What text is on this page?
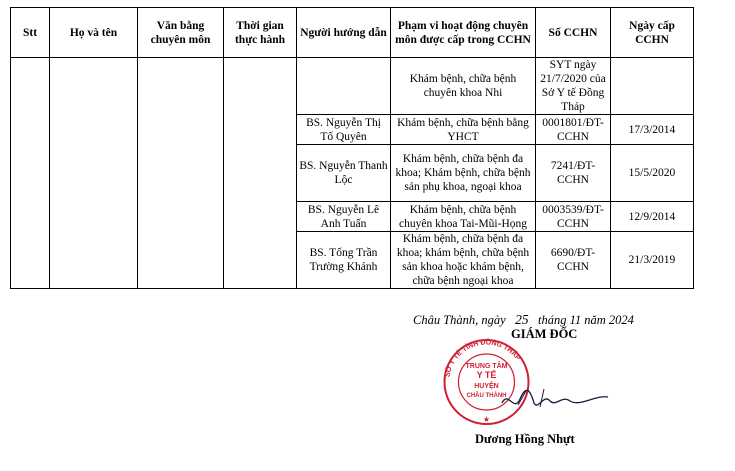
Stt	Họ và tên	Văn bằng chuyên môn	Thời gian thực hành	Người hướng dẫn	Phạm vi hoạt động chuyên môn được cấp trong CCHN	Số CCHN	Ngày cấp CCHN
					Khám bệnh, chữa bệnh chuyên khoa Nhi	SYT ngày 21/7/2020 của Sở Y tế Đồng Tháp	
				BS. Nguyễn Thị Tố Quyên	Khám bệnh, chữa bệnh bằng YHCT	0001801/ĐT-CCHN	17/3/2014
				BS. Nguyễn Thanh Lộc	Khám bệnh, chữa bệnh đa khoa; Khám bệnh, chữa bệnh sản phụ khoa, ngoại khoa	7241/ĐT-CCHN	15/5/2020
				BS. Nguyễn Lê Anh Tuấn	Khám bệnh, chữa bệnh chuyên khoa Tai-Mũi-Họng	0003539/ĐT-CCHN	12/9/2014
				BS. Tống Trần Trường Khánh	Khám bệnh, chữa bệnh đa khoa; khám bệnh, chữa bệnh sản khoa hoặc khám bệnh, chữa bệnh ngoại khoa	6690/ĐT-CCHN	21/3/2019
Châu Thành, ngày 25 tháng 11 năm 2024
GIÁM ĐỐC
SỞ Y TẾ TỈNH ĐỒNG THÁP
TRUNG TÂM
Y TẾ
HUYỆN
CHÂU THÀNH
★
Dương Hồng Nhựt
